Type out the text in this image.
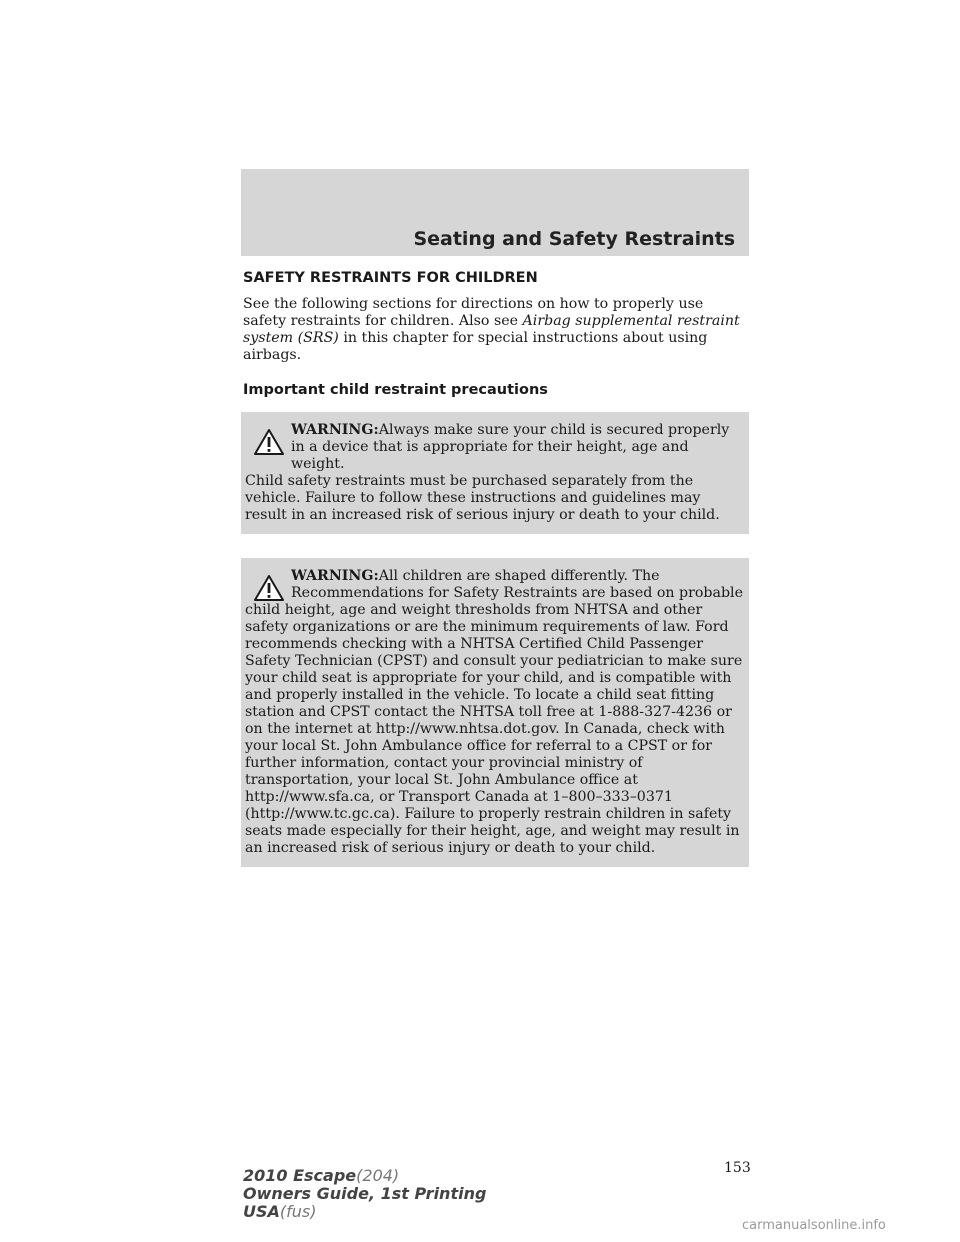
Seating and Safety Restraints
SAFETY RESTRAINTS FOR CHILDREN

See the following sections for directions on how to properly use safety restraints for children. Also see Airbag supplemental restraint system (SRS) in this chapter for special instructions about using airbags.

Important child restraint precautions
WARNING:Always make sure your child is secured properly in a device that is appropriate for their height, age and weight.
Child safety restraints must be purchased separately from the vehicle. Failure to follow these instructions and guidelines may result in an increased risk of serious injury or death to your child.
WARNING:All children are shaped differently. The Recommendations for Safety Restraints are based on probable
child height, age and weight thresholds from NHTSA and other safety organizations or are the minimum requirements of law. Ford recommends checking with a NHTSA Certified Child Passenger Safety Technician (CPST) and consult your pediatrician to make sure your child seat is appropriate for your child, and is compatible with and properly installed in the vehicle. To locate a child seat fitting station and CPST contact the NHTSA toll free at 1-888-327-4236 or on the internet at http://www.nhtsa.dot.gov. In Canada, check with your local St. John Ambulance office for referral to a CPST or for further information, contact your provincial ministry of transportation, your local St. John Ambulance office at http://www.sfa.ca, or Transport Canada at 1–800–333–0371 (http://www.tc.gc.ca). Failure to properly restrain children in safety seats made especially for their height, age, and weight may result in an increased risk of serious injury or death to your child.
153
2010 Escape(204)
Owners Guide, 1st Printing
USA(fus)
carmanualsonline.info
